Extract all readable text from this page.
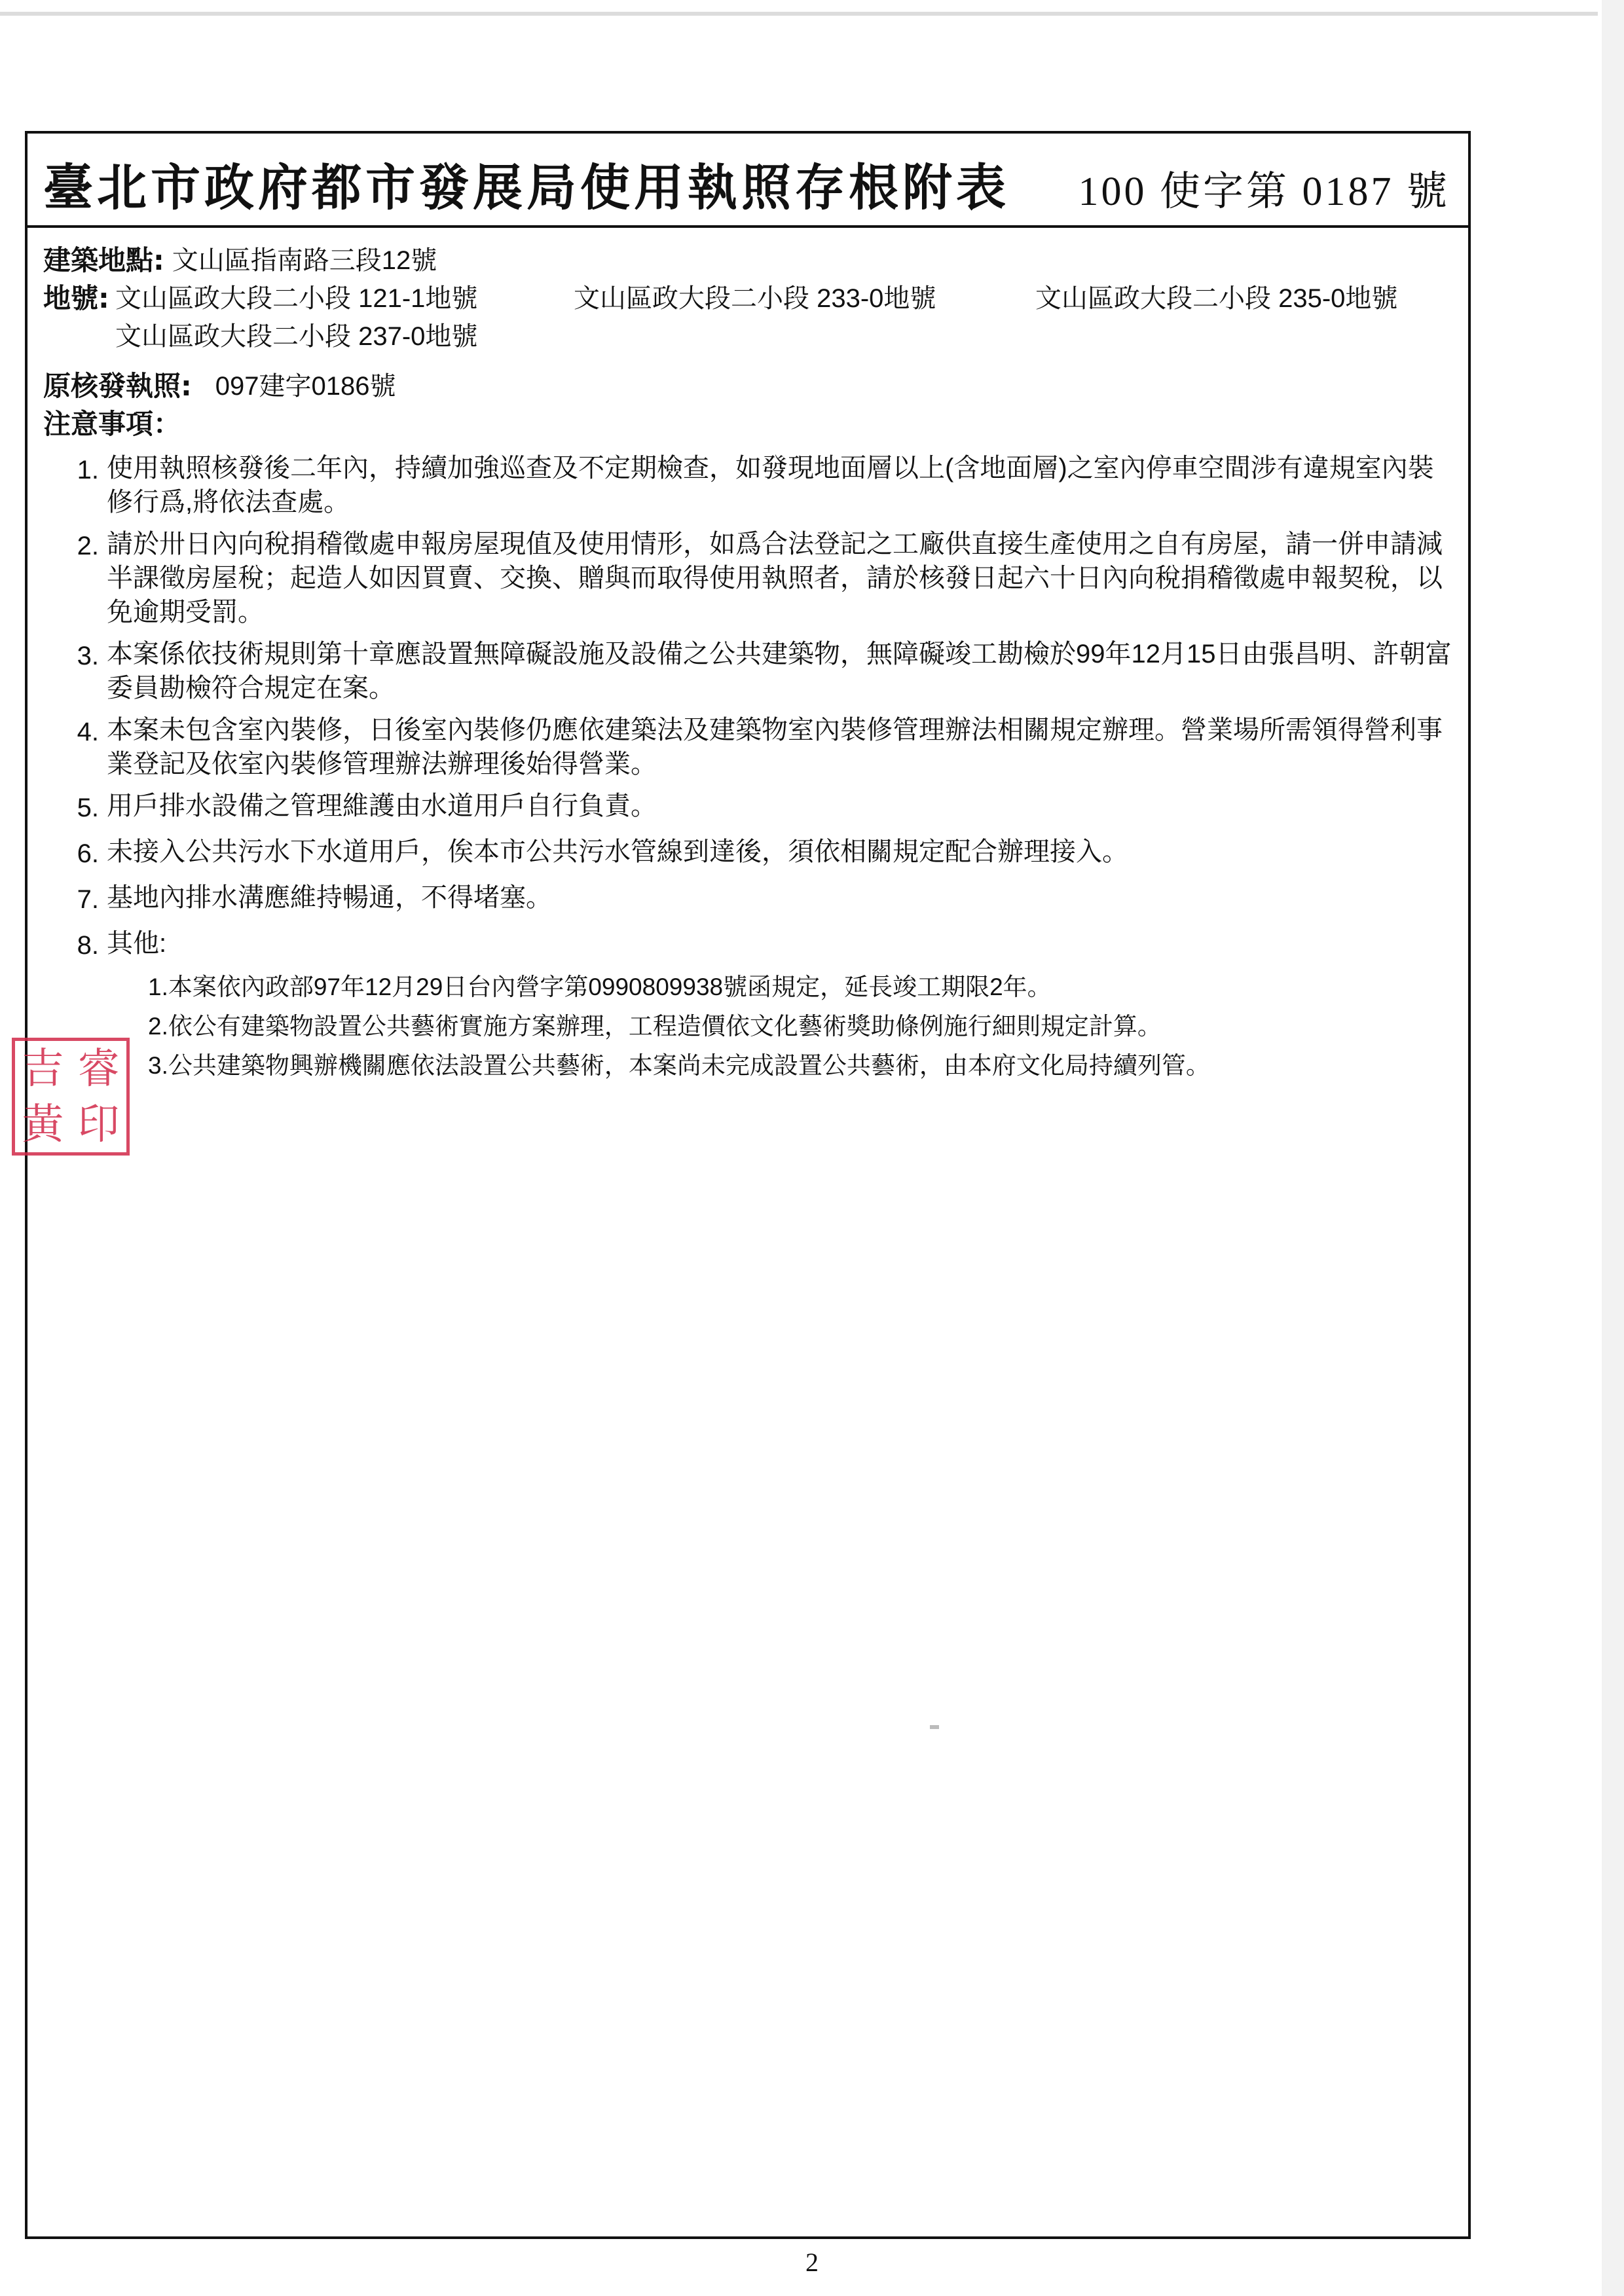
臺北市政府都市發展局使用執照存根附表 100 使字第 0187 號
建築地點: 文山區指南路三段12號
地號: 文山區政大段二小段 121-1地號	文山區政大段二小段 233-0地號	文山區政大段二小段 235-0地號
文山區政大段二小段 237-0地號
原核發執照: 097建字0186號
注意事項：
1. 使用執照核發後二年內，持續加強巡查及不定期檢查，如發現地面層以上(含地面層)之室內停車空間涉有違規室內裝修行爲,將依法查處。
2. 請於卅日內向稅捐稽徵處申報房屋現值及使用情形，如爲合法登記之工廠供直接生產使用之自有房屋，請一併申請減半課徵房屋稅；起造人如因買賣、交換、贈與而取得使用執照者，請於核發日起六十日內向稅捐稽徵處申報契稅，以免逾期受罰。
3. 本案係依技術規則第十章應設置無障礙設施及設備之公共建築物，無障礙竣工勘檢於99年12月15日由張昌明、許朝富委員勘檢符合規定在案。
4. 本案未包含室內裝修，日後室內裝修仍應依建築法及建築物室內裝修管理辦法相關規定辦理。營業場所需領得營利事業登記及依室內裝修管理辦法辦理後始得營業。
5. 用戶排水設備之管理維護由水道用戶自行負責。
6. 未接入公共污水下水道用戶，俟本市公共污水管線到達後，須依相關規定配合辦理接入。
7. 基地內排水溝應維持暢通，不得堵塞。
8. 其他:
1.本案依內政部97年12月29日台內營字第0990809938號函規定，延長竣工期限2年。
2.依公有建築物設置公共藝術實施方案辦理，工程造價依文化藝術獎助條例施行細則規定計算。
3.公共建築物興辦機關應依法設置公共藝術，本案尚未完成設置公共藝術，由本府文化局持續列管。
吉 睿
黃 印
2
